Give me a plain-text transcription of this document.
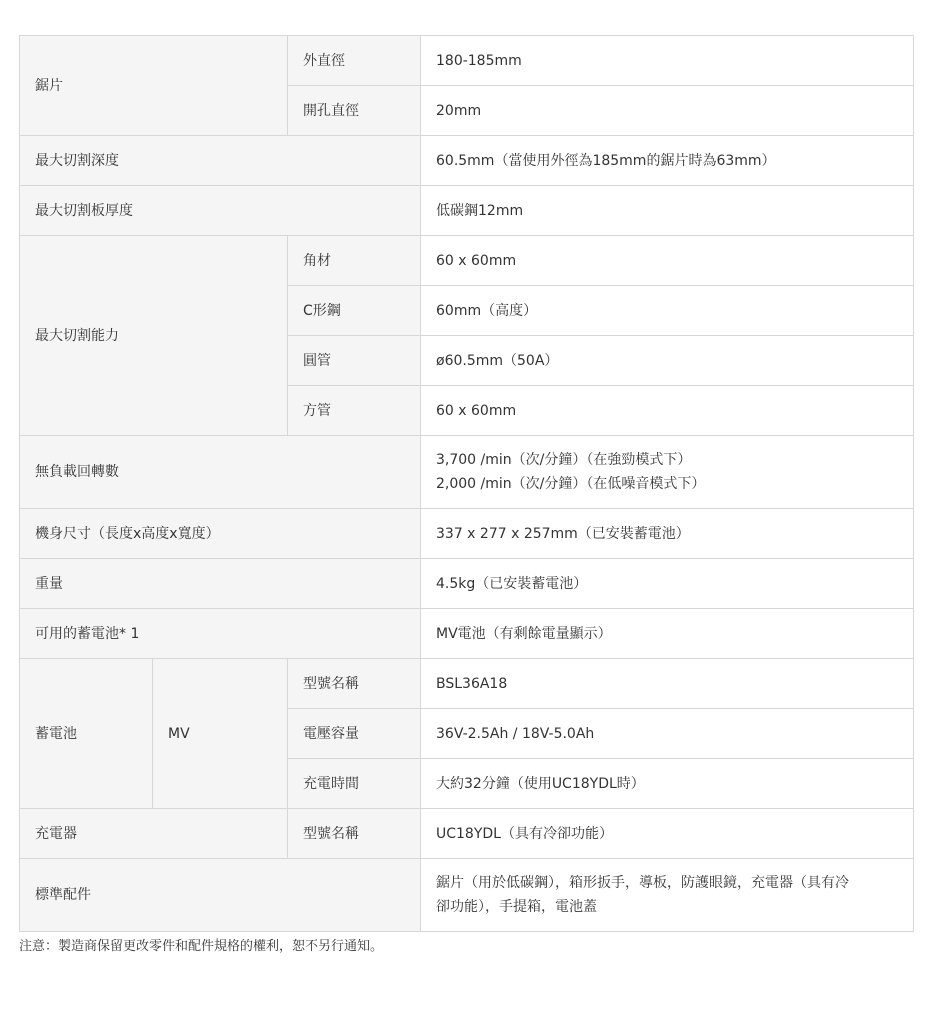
鋸片		外直徑	180-185mm
		開孔直徑	20mm
最大切割深度			60.5mm（當使用外徑為185mm的鋸片時為63mm）
最大切割板厚度			低碳鋼12mm
最大切割能力		角材	60 x 60mm
		C形鋼	60mm（高度）
		圓管	ø60.5mm（50A）
		方管	60 x 60mm
無負載回轉數			3,700 /min（次/分鐘）（在強勁模式下）
2,000 /min（次/分鐘）（在低噪音模式下）

機身尺寸（長度x高度x寬度）			337 x 277 x 257mm（已安裝蓄電池）
重量			4.5kg（已安裝蓄電池）
可用的蓄電池* 1			MV電池（有剩餘電量顯示）
蓄電池	MV	型號名稱	BSL36A18
		電壓容量	36V-2.5Ah / 18V-5.0Ah
		充電時間	大約32分鐘（使用UC18YDL時）
充電器		型號名稱	UC18YDL（具有冷卻功能）
標準配件			鋸片（用於低碳鋼），箱形扳手，導板，防護眼鏡，充電器（具有冷
卻功能），手提箱，電池蓋
注意：製造商保留更改零件和配件規格的權利，恕不另行通知。
